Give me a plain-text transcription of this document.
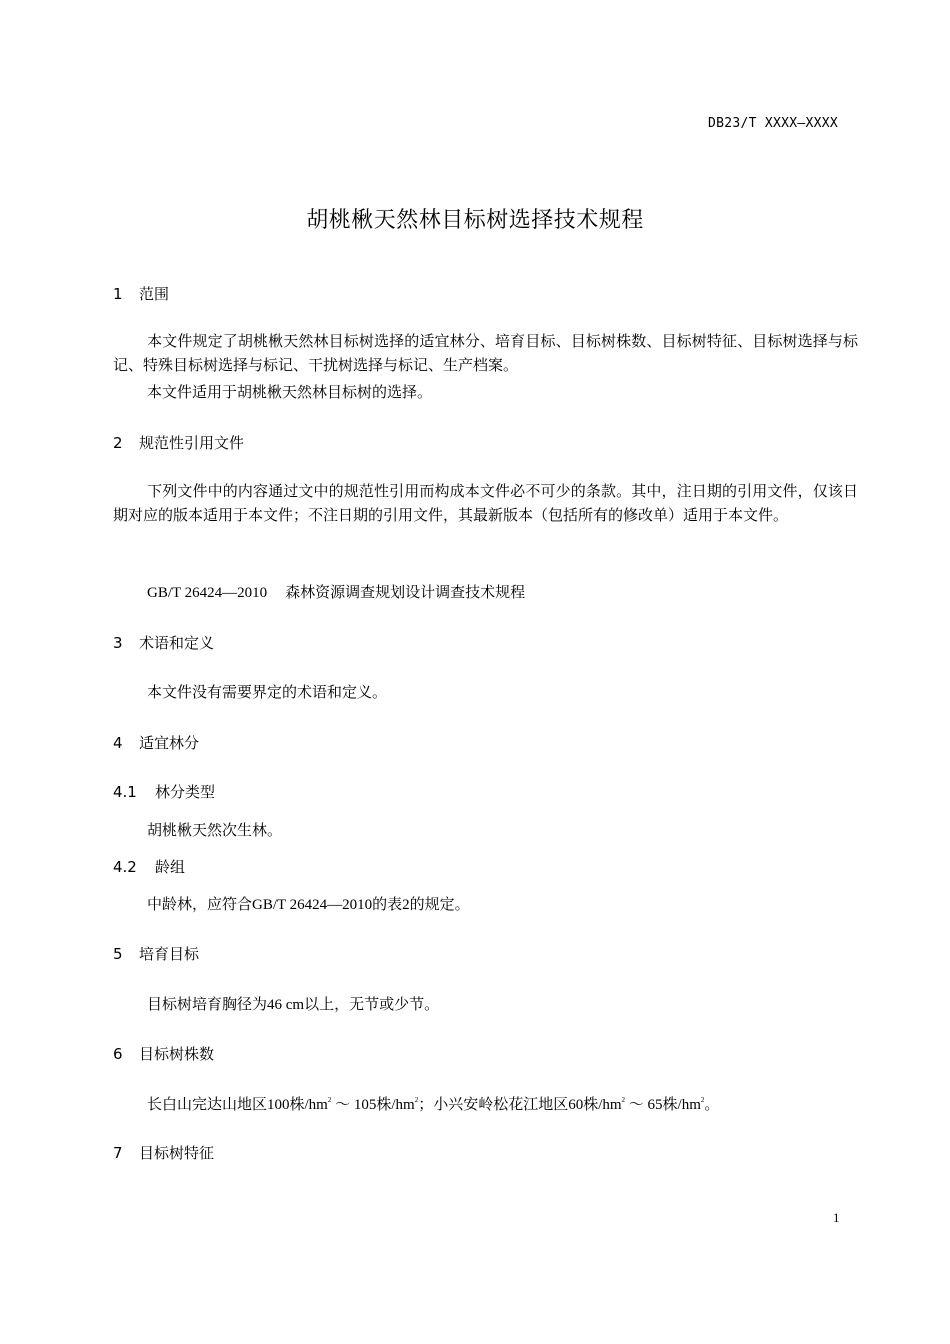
DB23/T XXXX—XXXX
胡桃楸天然林目标树选择技术规程
1 范围
本文件规定了胡桃楸天然林目标树选择的适宜林分、培育目标、目标树株数、目标树特征、目标树选择与标记、特殊目标树选择与标记、干扰树选择与标记、生产档案。
本文件适用于胡桃楸天然林目标树的选择。
2 规范性引用文件
下列文件中的内容通过文中的规范性引用而构成本文件必不可少的条款。其中，注日期的引用文件，仅该日期对应的版本适用于本文件；不注日期的引用文件，其最新版本（包括所有的修改单）适用于本文件。
GB/T 26424—2010 森林资源调查规划设计调查技术规程
3 术语和定义
本文件没有需要界定的术语和定义。
4 适宜林分
4.1 林分类型
胡桃楸天然次生林。
4.2 龄组
中龄林，应符合GB/T 26424—2010的表2的规定。
5 培育目标
目标树培育胸径为46 cm以上，无节或少节。
6 目标树株数
长白山完达山地区100株$/hm^2$ ～ 105株$/hm^2$；小兴安岭松花江地区60株$/hm^2$ ～ 65株$/hm^2$。
7 目标树特征
1
